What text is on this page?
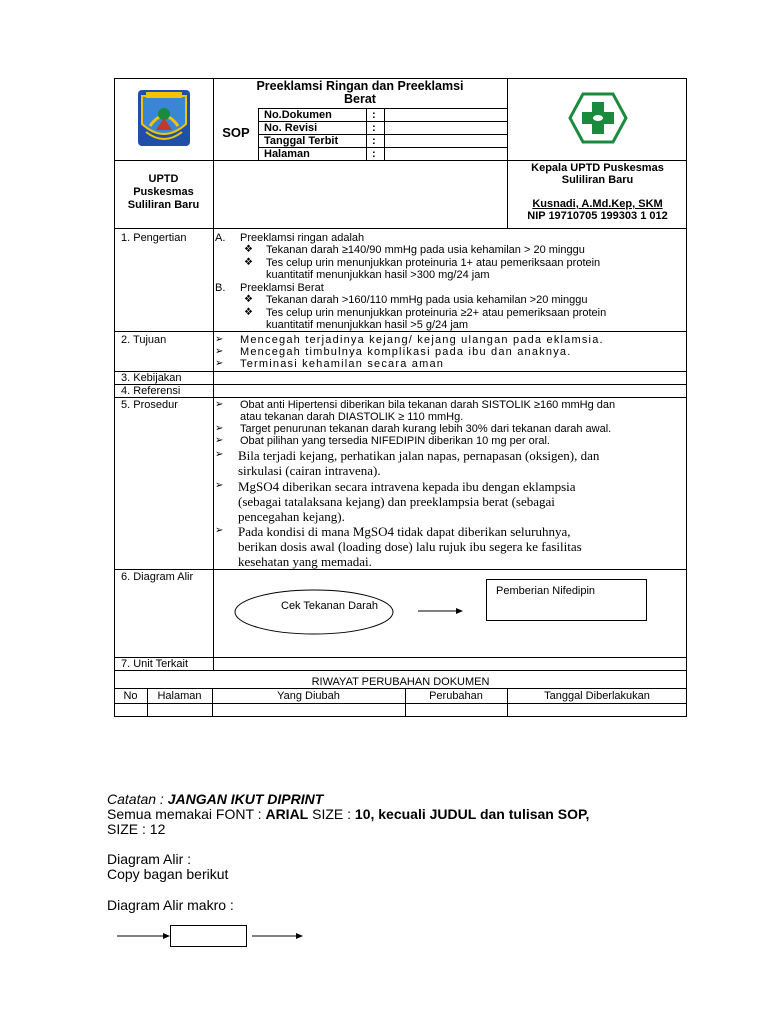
Preeklamsi Ringan dan Preeklamsi
Berat
SOP
No.Dokumen	:
No. Revisi	:
Tanggal Terbit	:
Halaman	:
UPTD
Puskesmas
Suliliran Baru
Kepala UPTD Puskesmas
Suliliran Baru
Kusnadi, A.Md.Kep, SKM
NIP 19710705 199303 1 012
1. Pengertian	A. Preeklamsi ringan adalah
❖ Tekanan darah ≥140/90 mmHg pada usia kehamilan > 20 minggu
❖ Tes celup urin menunjukkan proteinuria 1+ atau pemeriksaan protein
kuantitatif menunjukkan hasil >300 mg/24 jam
B. Preeklamsi Berat
❖ Tekanan darah >160/110 mmHg pada usia kehamilan >20 minggu
❖ Tes celup urin menunjukkan proteinuria ≥2+ atau pemeriksaan protein
kuantitatif menunjukkan hasil >5 g/24 jam
2. Tujuan	➢ Mencegah terjadinya kejang/ kejang ulangan pada eklamsia.
➢ Mencegah timbulnya komplikasi pada ibu dan anaknya.
➢ Terminasi kehamilan secara aman
3. Kebijakan
4. Referensi
5. Prosedur	➢ Obat anti Hipertensi diberikan bila tekanan darah SISTOLIK ≥160 mmHg dan
atau tekanan darah DIASTOLIK ≥ 110 mmHg.
➢ Target penurunan tekanan darah kurang lebih 30% dari tekanan darah awal.
➢ Obat pilihan yang tersedia NIFEDIPIN diberikan 10 mg per oral.
➢ Bila terjadi kejang, perhatikan jalan napas, pernapasan (oksigen), dan
sirkulasi (cairan intravena).
➢ MgSO4 diberikan secara intravena kepada ibu dengan eklampsia
(sebagai tatalaksana kejang) dan preeklampsia berat (sebagai
pencegahan kejang).
➢ Pada kondisi di mana MgSO4 tidak dapat diberikan seluruhnya,
berikan dosis awal (loading dose) lalu rujuk ibu segera ke fasilitas
kesehatan yang memadai.
6. Diagram Alir
Cek Tekanan Darah
Pemberian Nifedipin
7. Unit Terkait
RIWAYAT PERUBAHAN DOKUMEN
No	Halaman	Yang Diubah	Perubahan	Tanggal Diberlakukan
Catatan : JANGAN IKUT DIPRINT
Semua memakai FONT : ARIAL SIZE : 10, kecuali JUDUL dan tulisan SOP,
SIZE : 12
Diagram Alir :
Copy bagan berikut
Diagram Alir makro :
